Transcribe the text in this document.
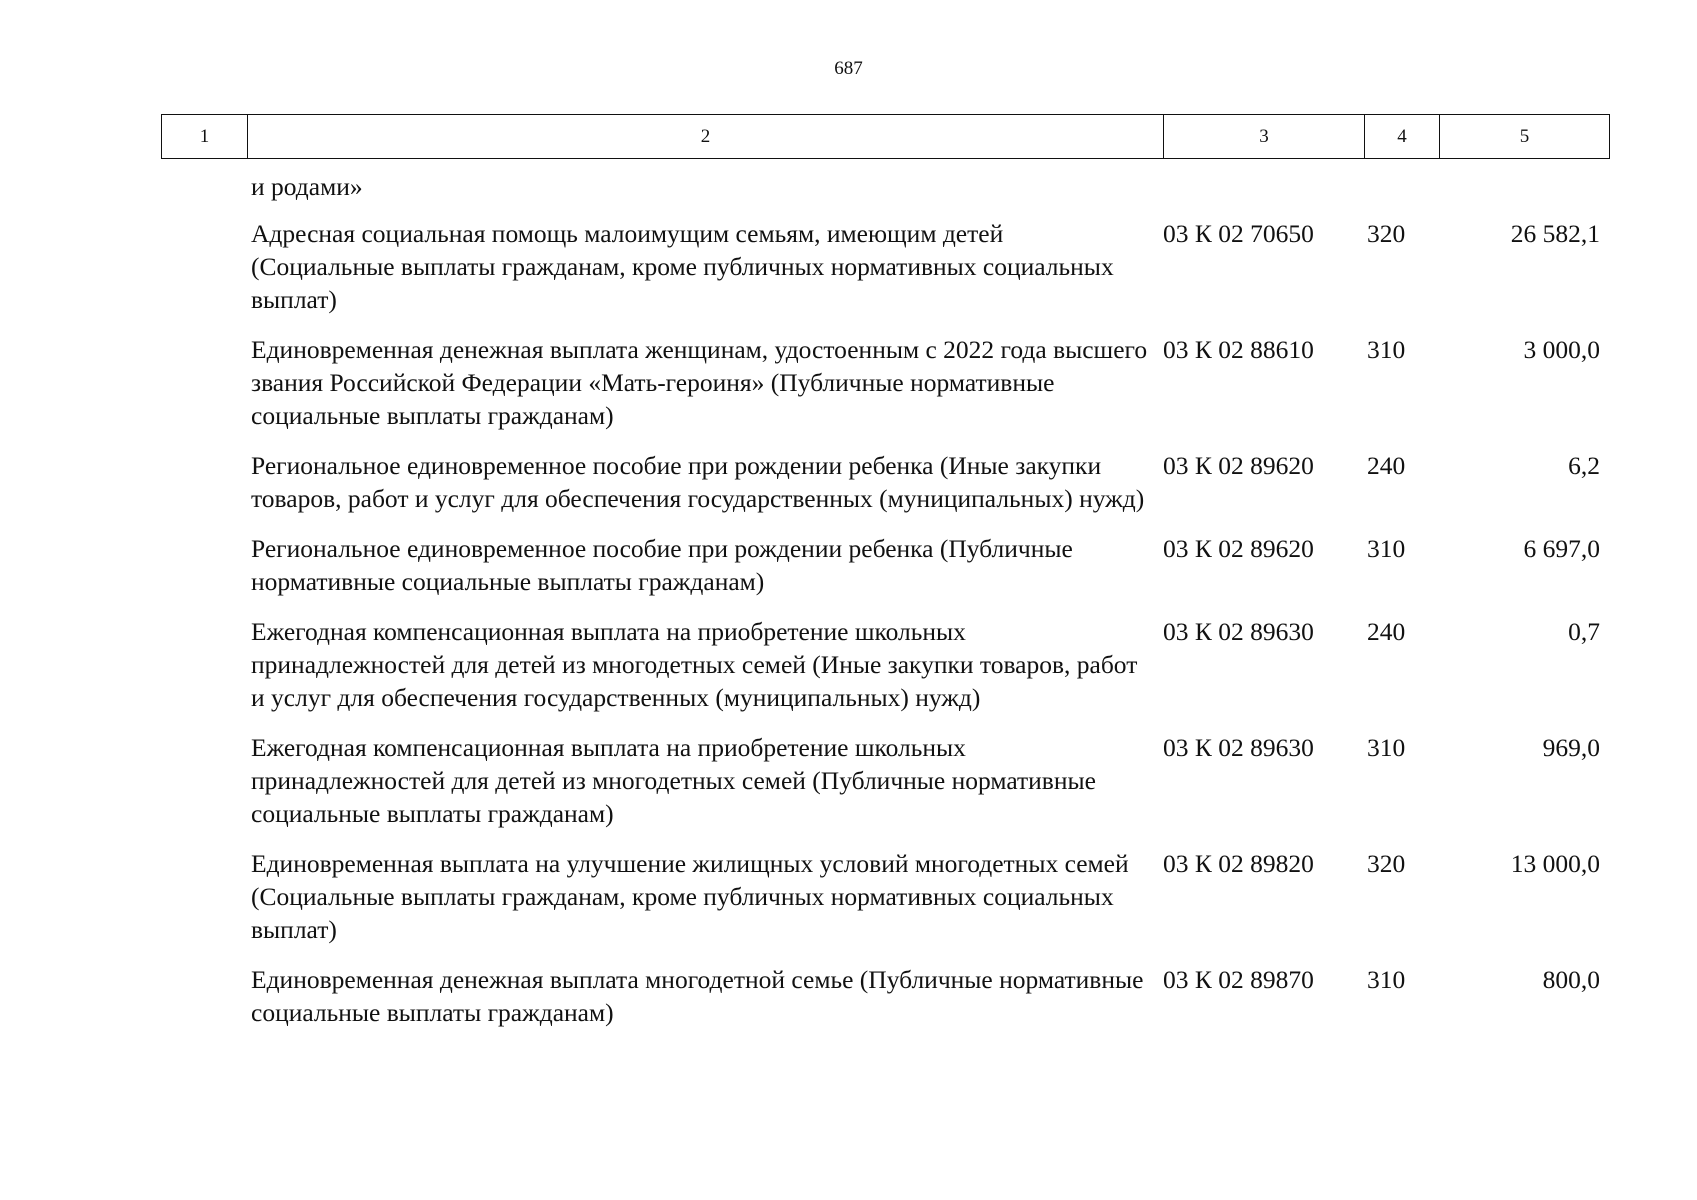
687
1	2	3	4	5
и родами»
Адресная социальная помощь малоимущим семьям, имеющим детей (Социальные выплаты гражданам, кроме публичных нормативных социальных выплат)
03 К 02 70650	320	26 582,1
Единовременная денежная выплата женщинам, удостоенным с 2022 года высшего звания Российской Федерации «Мать-героиня» (Публичные нормативные социальные выплаты гражданам)
03 К 02 88610	310	3 000,0
Региональное единовременное пособие при рождении ребенка (Иные закупки товаров, работ и услуг для обеспечения государственных (муниципальных) нужд)
03 К 02 89620	240	6,2
Региональное единовременное пособие при рождении ребенка (Публичные нормативные социальные выплаты гражданам)
03 К 02 89620	310	6 697,0
Ежегодная компенсационная выплата на приобретение школьных принадлежностей для детей из многодетных семей (Иные закупки товаров, работ и услуг для обеспечения государственных (муниципальных) нужд)
03 К 02 89630	240	0,7
Ежегодная компенсационная выплата на приобретение школьных принадлежностей для детей из многодетных семей (Публичные нормативные социальные выплаты гражданам)
03 К 02 89630	310	969,0
Единовременная выплата на улучшение жилищных условий многодетных семей (Социальные выплаты гражданам, кроме публичных нормативных социальных выплат)
03 К 02 89820	320	13 000,0
Единовременная денежная выплата многодетной семье (Публичные нормативные социальные выплаты гражданам)
03 К 02 89870	310	800,0
